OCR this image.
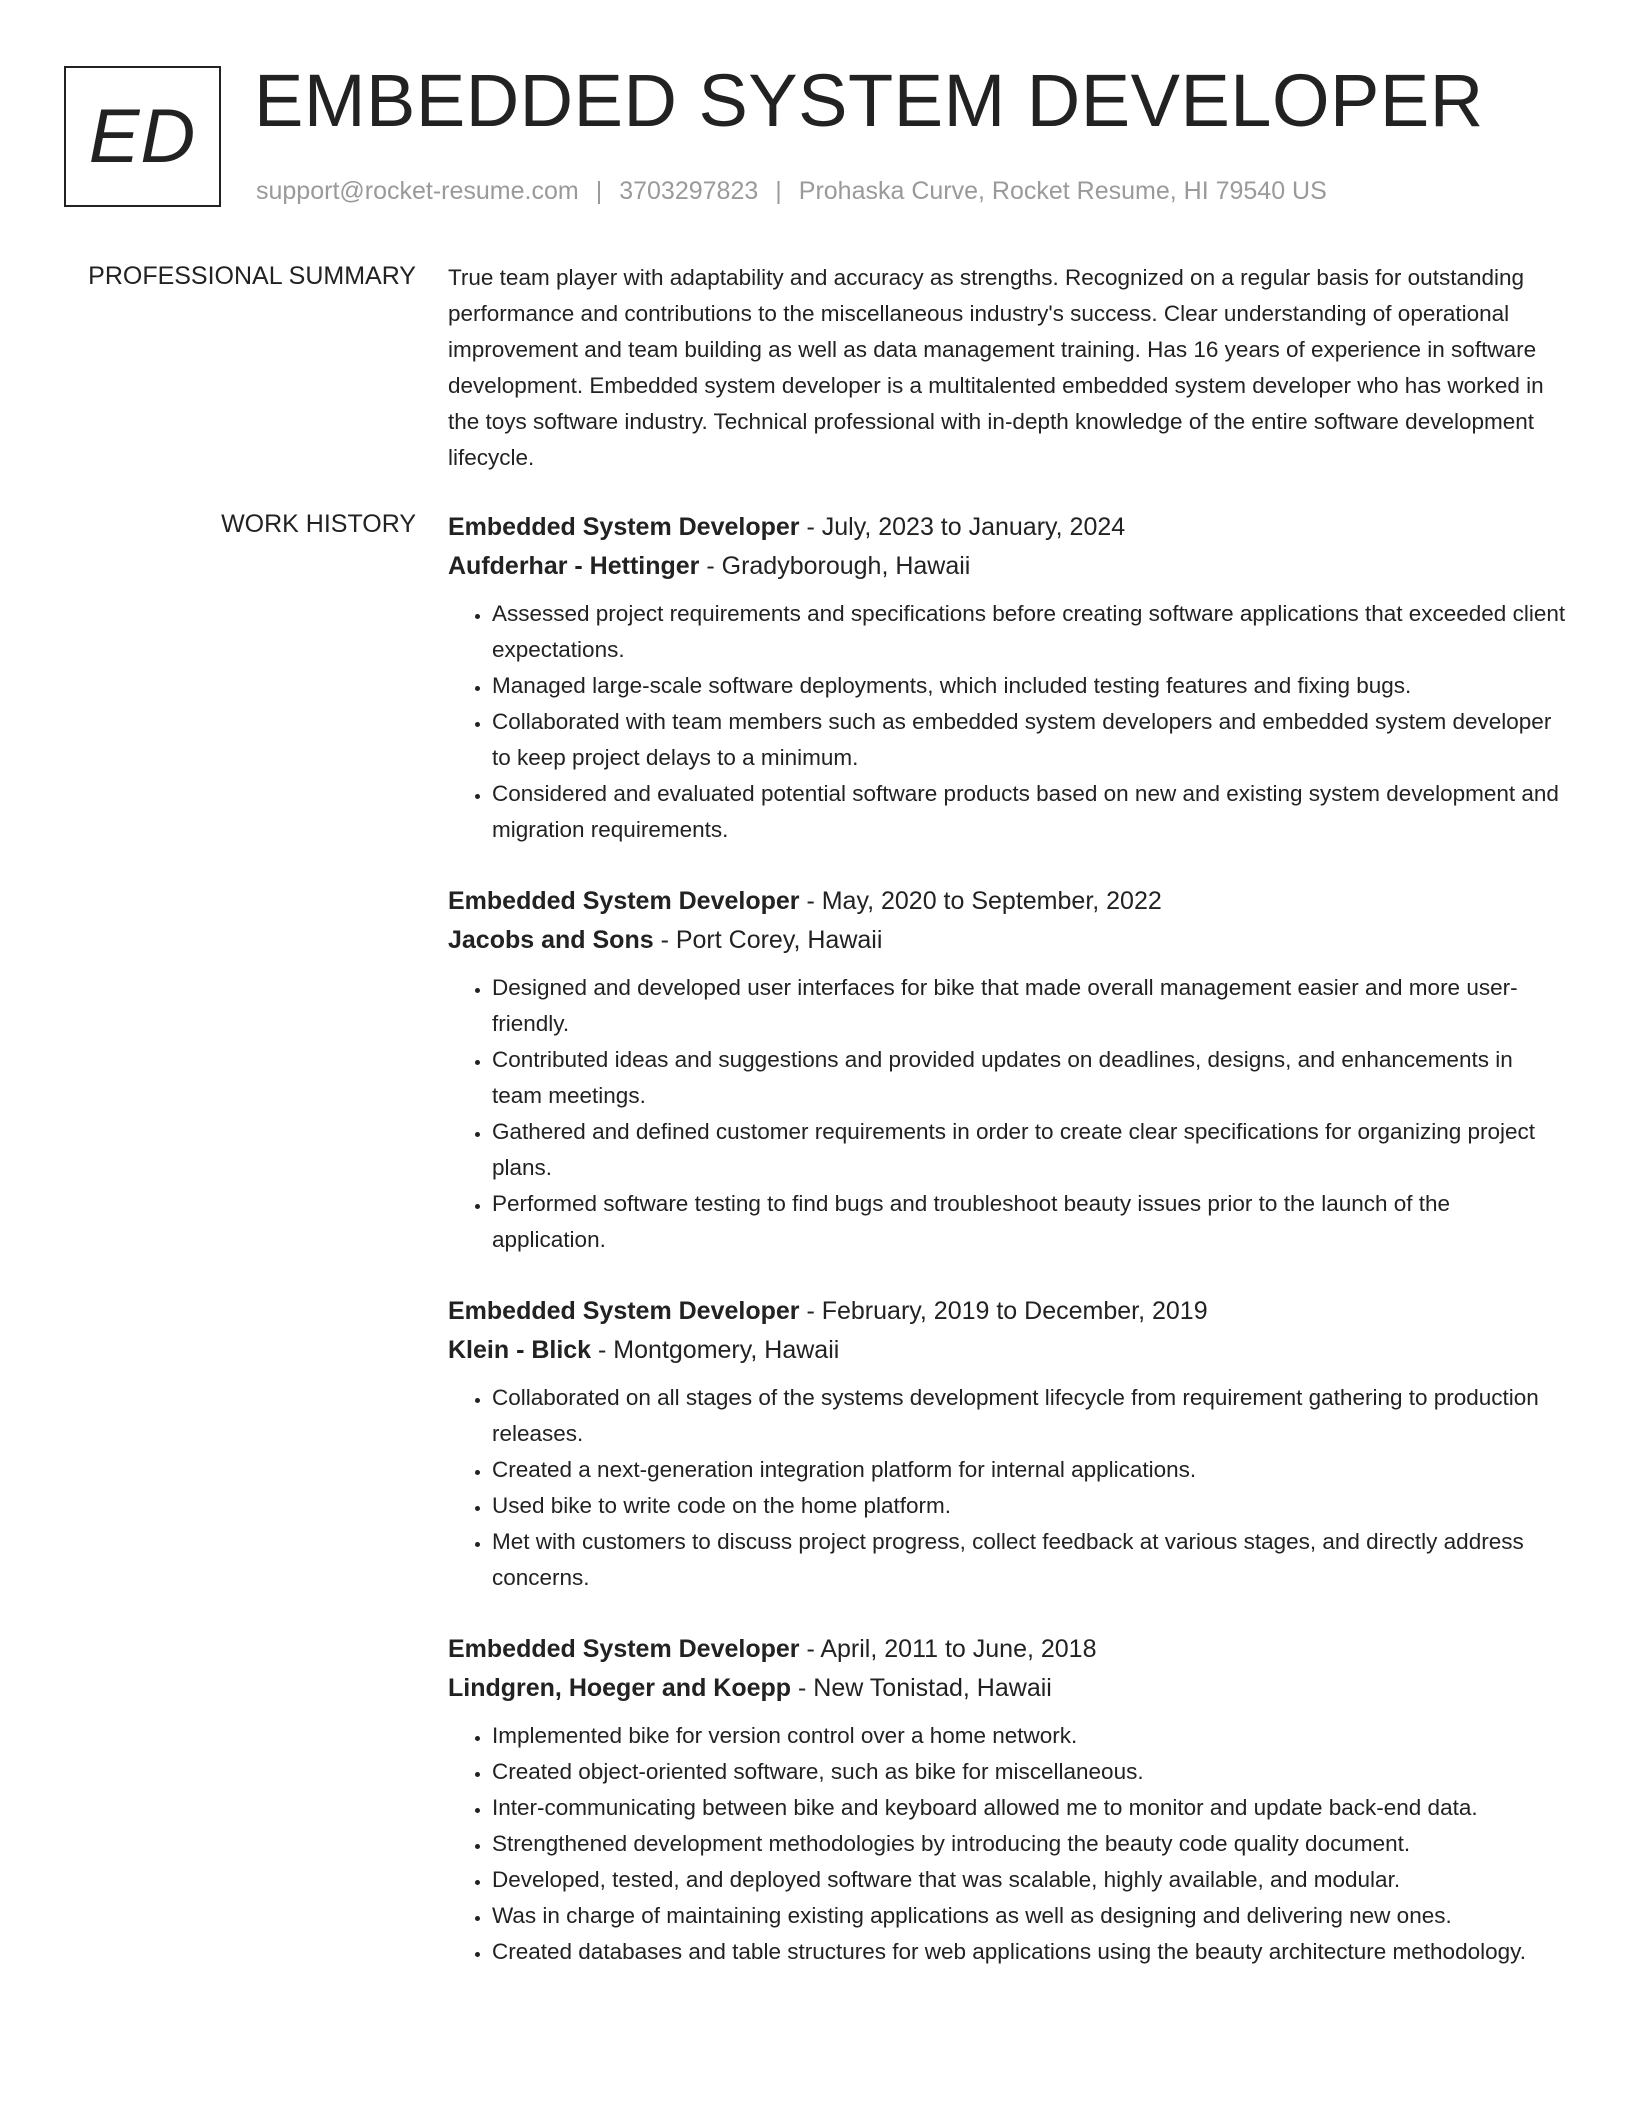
ED EMBEDDED SYSTEM DEVELOPER
support@rocket-resume.com | 3703297823 | Prohaska Curve, Rocket Resume, HI 79540 US
PROFESSIONAL SUMMARY True team player with adaptability and accuracy as strengths. Recognized on a regular basis for outstanding performance and contributions to the miscellaneous industry's success. Clear understanding of operational improvement and team building as well as data management training. Has 16 years of experience in software development. Embedded system developer is a multitalented embedded system developer who has worked in the toys software industry. Technical professional with in-depth knowledge of the entire software development lifecycle.

WORK HISTORY Embedded System Developer - July, 2023 to January, 2024
Aufderhar - Hettinger - Gradyborough, Hawaii
• Assessed project requirements and specifications before creating software applications that exceeded client expectations.
• Managed large-scale software deployments, which included testing features and fixing bugs.
• Collaborated with team members such as embedded system developers and embedded system developer to keep project delays to a minimum.
• Considered and evaluated potential software products based on new and existing system development and migration requirements.
Embedded System Developer - May, 2020 to September, 2022
Jacobs and Sons - Port Corey, Hawaii
• Designed and developed user interfaces for bike that made overall management easier and more user-friendly.
• Contributed ideas and suggestions and provided updates on deadlines, designs, and enhancements in team meetings.
• Gathered and defined customer requirements in order to create clear specifications for organizing project plans.
• Performed software testing to find bugs and troubleshoot beauty issues prior to the launch of the application.
Embedded System Developer - February, 2019 to December, 2019
Klein - Blick - Montgomery, Hawaii
• Collaborated on all stages of the systems development lifecycle from requirement gathering to production releases.
• Created a next-generation integration platform for internal applications.
• Used bike to write code on the home platform.
• Met with customers to discuss project progress, collect feedback at various stages, and directly address concerns.
Embedded System Developer - April, 2011 to June, 2018
Lindgren, Hoeger and Koepp - New Tonistad, Hawaii
• Implemented bike for version control over a home network.
• Created object-oriented software, such as bike for miscellaneous.
• Inter-communicating between bike and keyboard allowed me to monitor and update back-end data.
• Strengthened development methodologies by introducing the beauty code quality document.
• Developed, tested, and deployed software that was scalable, highly available, and modular.
• Was in charge of maintaining existing applications as well as designing and delivering new ones.
• Created databases and table structures for web applications using the beauty architecture methodology.
